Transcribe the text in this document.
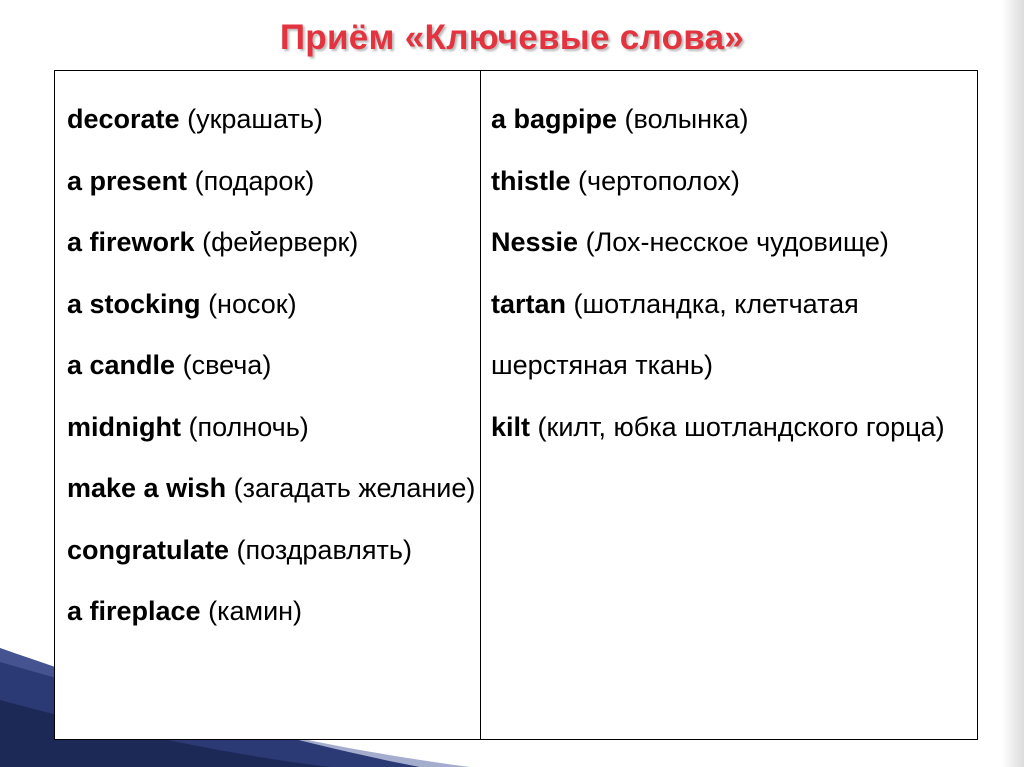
Приём «Ключевые слова»

decorate (украшать)

a present (подарок)

a firework (фейерверк)

a stocking (носок)

a candle (свеча)

midnight (полночь)

make a wish (загадать желание)

congratulate (поздравлять)

a fireplace (камин)

a bagpipe (волынка)

thistle (чертополох)

Nessie (Лох-несское чудовище)

tartan (шотландка, клетчатая шерстяная ткань)

kilt (килт, юбка шотландского горца)
